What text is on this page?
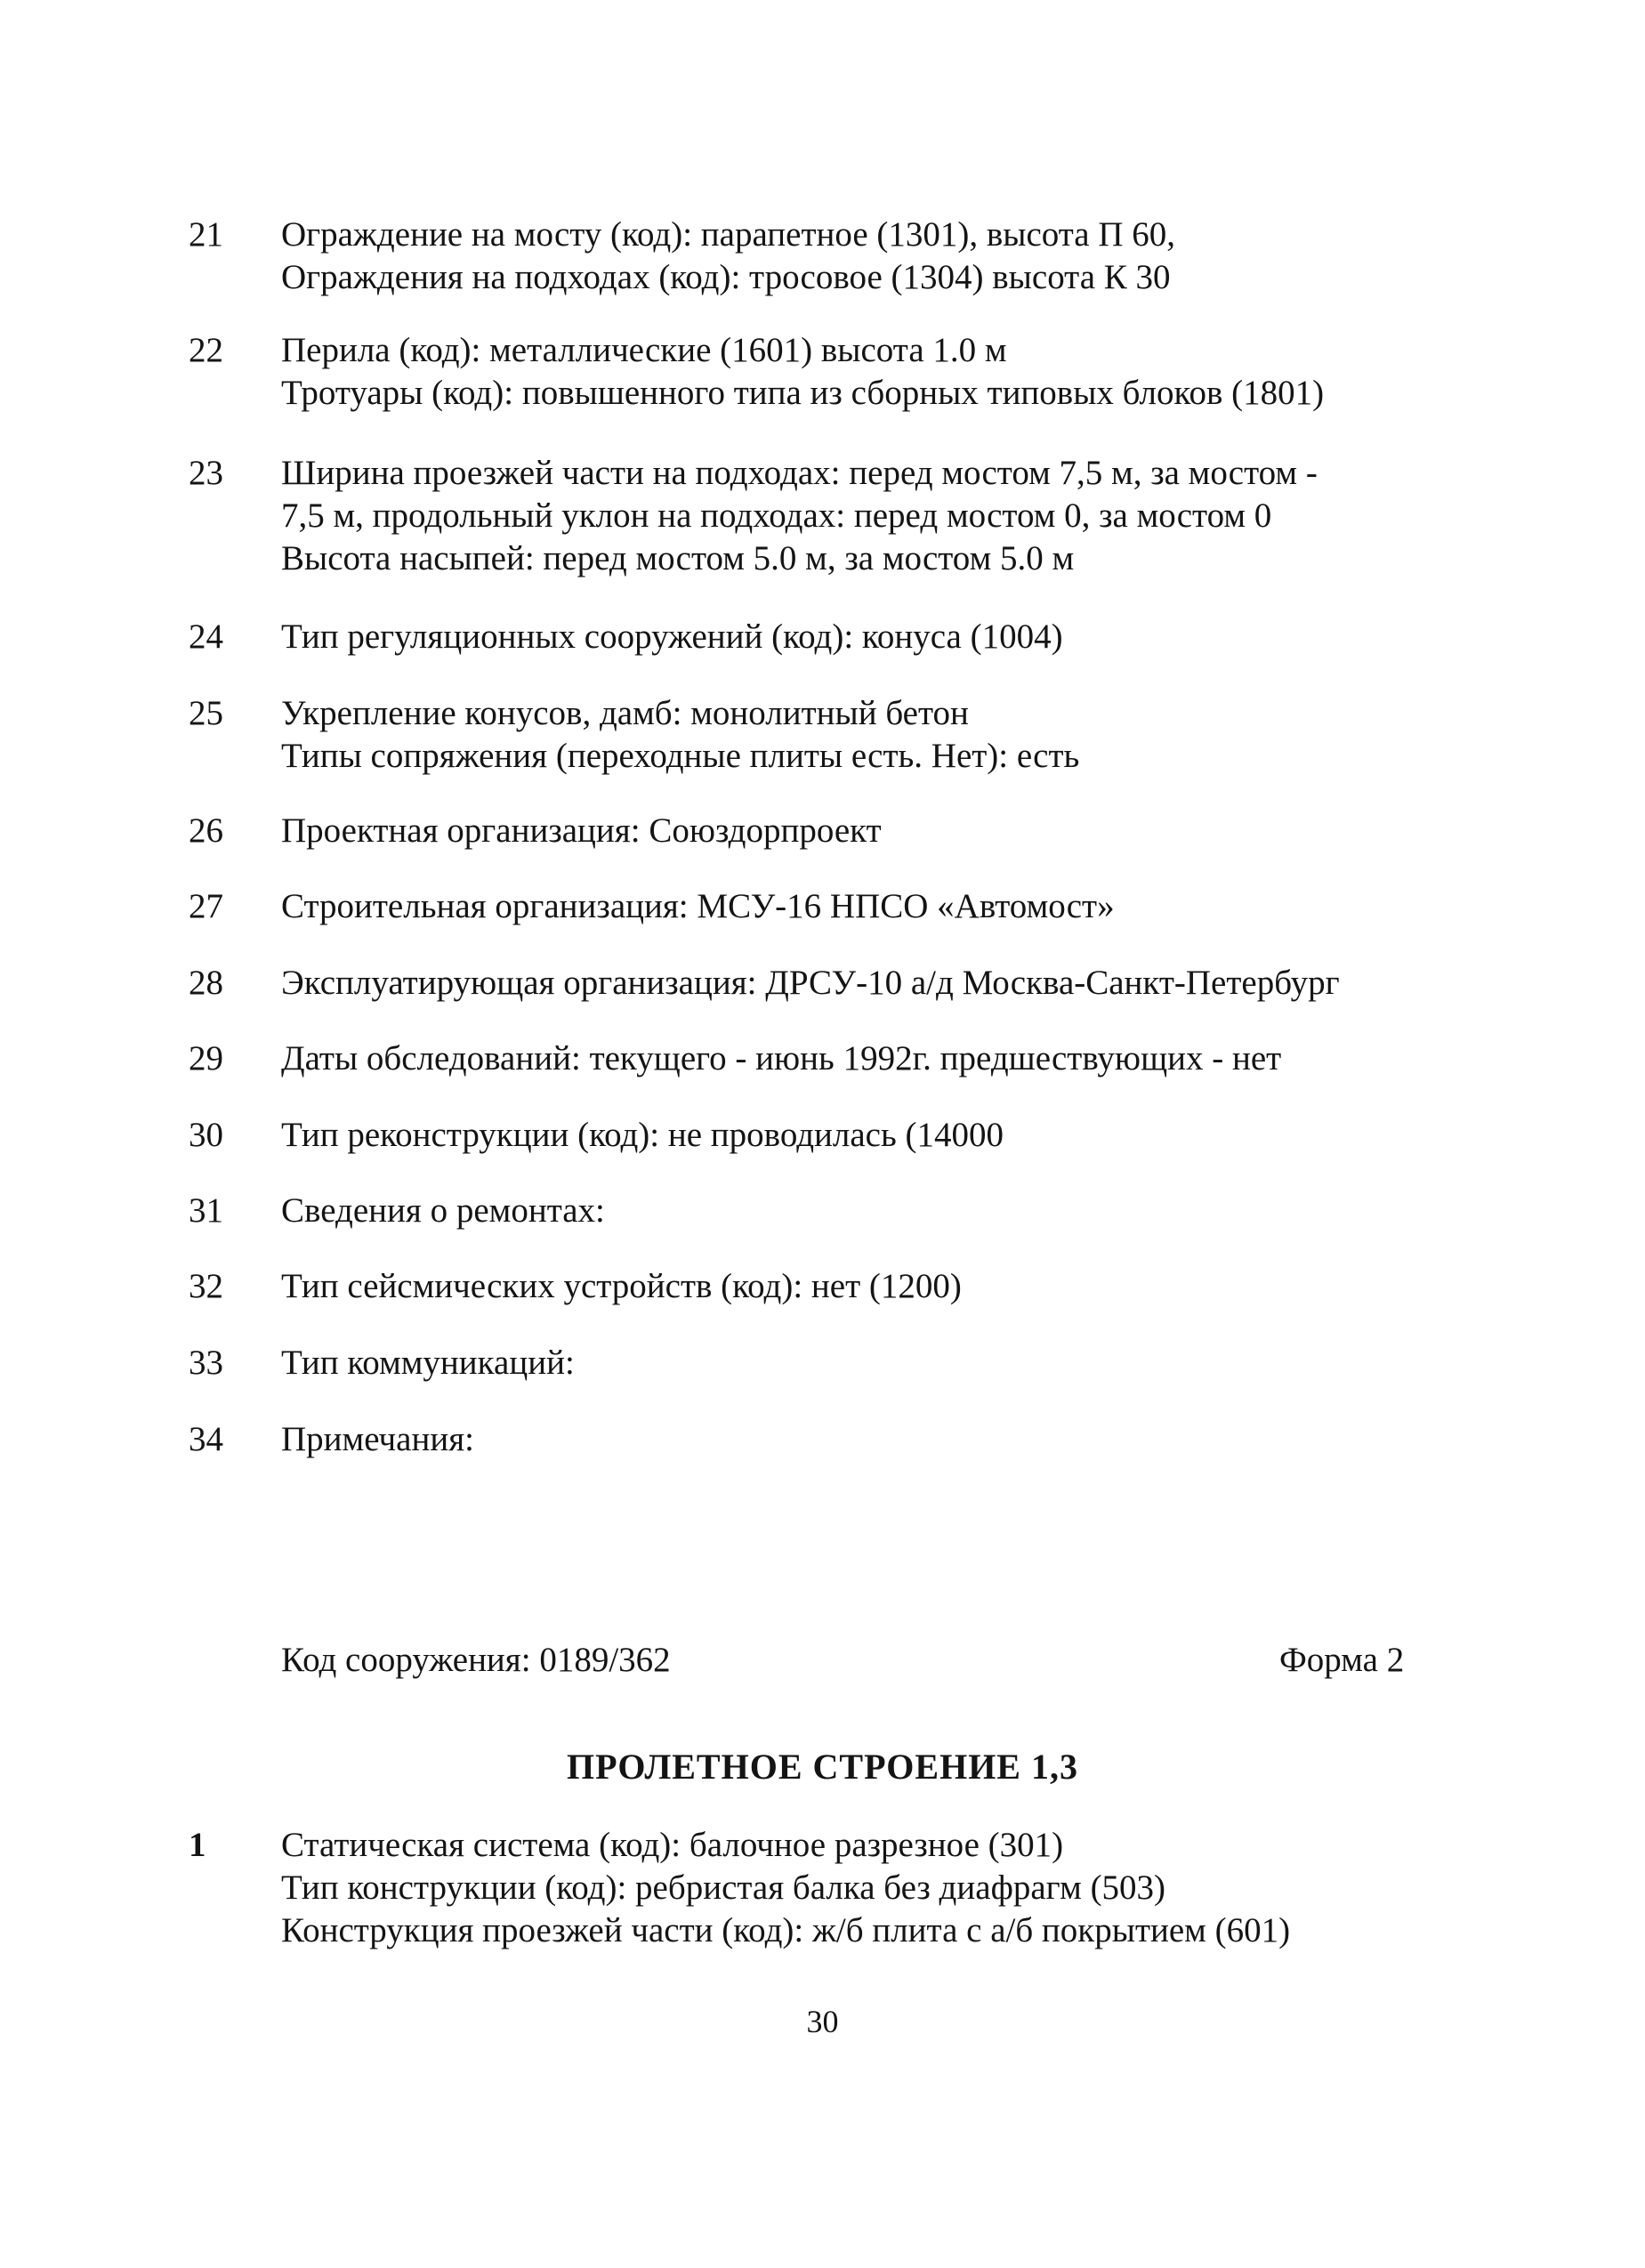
21 Ограждение на мосту (код): парапетное (1301), высота П 60,
Ограждения на подходах (код): тросовое (1304) высота К 30
22 Перила (код): металлические (1601) высота 1.0 м
Тротуары (код): повышенного типа из сборных типовых блоков (1801)
23 Ширина проезжей части на подходах: перед мостом 7,5 м, за мостом -
7,5 м, продольный уклон на подходах: перед мостом 0, за мостом 0
Высота насыпей: перед мостом 5.0 м, за мостом 5.0 м
24 Тип регуляционных сооружений (код): конуса (1004)
25 Укрепление конусов, дамб: монолитный бетон
Типы сопряжения (переходные плиты есть. Нет): есть
26 Проектная организация: Союздорпроект
27 Строительная организация: МСУ-16 НПСО «Автомост»
28 Эксплуатирующая организация: ДРСУ-10 а/д Москва-Санкт-Петербург
29 Даты обследований: текущего - июнь 1992г. предшествующих - нет
30 Тип реконструкции (код): не проводилась (14000
31 Сведения о ремонтах:
32 Тип сейсмических устройств (код): нет (1200)
33 Тип коммуникаций:
34 Примечания:
Код сооружения: 0189/362	Форма 2
ПРОЛЕТНОЕ СТРОЕНИЕ 1,3
1 Статическая система (код): балочное разрезное (301)
Тип конструкции (код): ребристая балка без диафрагм (503)
Конструкция проезжей части (код): ж/б плита с а/б покрытием (601)
30
